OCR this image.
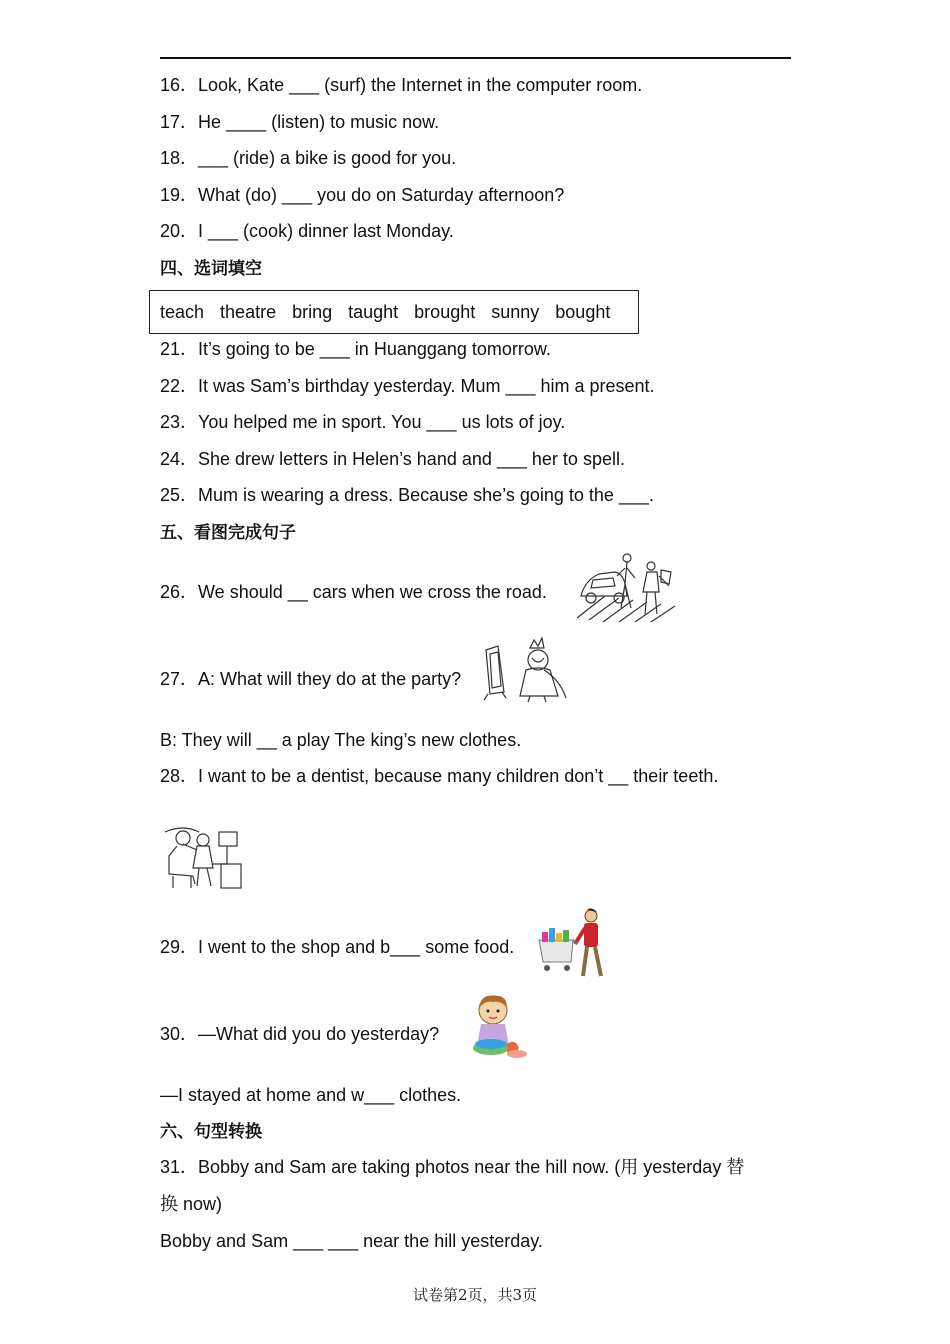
16．Look, Kate ___ (surf) the Internet in the computer room.
17．He ____ (listen) to music now.
18．___ (ride) a bike is good for you.
19．What (do) ___ you do on Saturday afternoon?
20．I ___ (cook) dinner last Monday.
四、选词填空
teach theatre bring taught brought sunny bought
21．It’s going to be ___ in Huanggang tomorrow.
22．It was Sam’s birthday yesterday. Mum ___ him a present.
23．You helped me in sport. You ___ us lots of joy.
24．She drew letters in Helen’s hand and ___ her to spell.
25．Mum is wearing a dress. Because she’s going to the ___.
五、看图完成句子
26．We should __ cars when we cross the road.
27．A: What will they do at the party?
B: They will __ a play The king’s new clothes.
28．I want to be a dentist, because many children don’t __ their teeth.
29．I went to the shop and b___ some food.
30．—What did you do yesterday?
—I stayed at home and w___ clothes.
六、句型转换
31．Bobby and Sam are taking photos near the hill now. (用 yesterday 替
换 now)
Bobby and Sam ___ ___ near the hill yesterday.
试卷第2页，共3页
